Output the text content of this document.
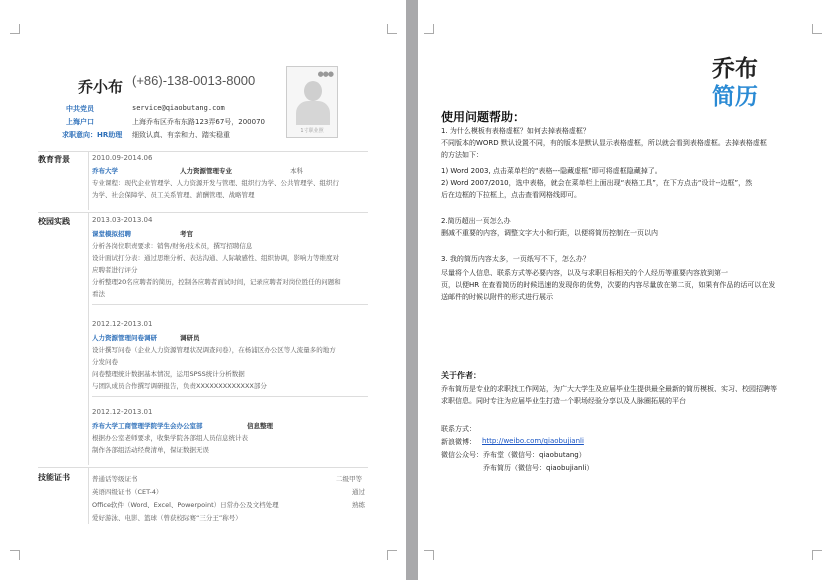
乔小布 (+86)-138-0013-8000
中共党员	service@qiaobutang.com
上海户口	上海乔布区乔布东路123弄67号，200070
求职意向：HR助理	细致认真、有亲和力、踏实稳重
●●●
1寸职业照
教育背景	2010.09-2014.06
乔布大学	人力资源管理专业	本科
专业课程：现代企业管理学、人力资源开发与管理、组织行为学、公共管理学、组织行
为学、社会保障学、员工关系管理、薪酬管理、战略管理
校园实践	2013.03-2013.04
课堂模拟招聘	考官
分析各岗位职责要求：销售/财务/技术员，撰写招聘信息
设计面试打分表：通过思维分析、表达沟通、人际敏感性、组织协调，影响力等维度对
应聘者进行评分
分析整理20名应聘者的简历，控制各应聘者面试时间，记录应聘者对岗位胜任的问题和
看法
2012.12-2013.01
人力资源管理问卷调研	调研员
设计撰写问卷（企业人力资源管理状况调查问卷），在杨浦区办公区等人流量多的地方
分发问卷
问卷整理统计数据基本情况，运用SPSS统计分析数据
与团队成员合作撰写调研报告，负责XXXXXXXXXXXXX部分
2012.12-2013.01
乔布大学工商管理学院学生会办公室部	信息整理
根据办公室老师要求，收集学院各部组人员信息统计表
制作各部组活动经费清单，保证数据无误
技能证书	普通话等级证书	二级甲等
英语四级证书（CET-4）	通过
Office软件（Word、Excel、Powerpoint）日常办公及文档处理	熟练
爱好游泳、电影、篮球（曾获校际赛“三分王”称号）
乔布
简历
使用问题帮助：
1. 为什么模板有表格虚框？如何去掉表格虚框？
不同版本的WORD 默认设置不同，有的版本是默认显示表格虚框，所以就会看到表格虚框。去掉表格虚框
的方法如下：
1) Word 2003, 点击菜单栏的“表格---隐藏虚框”即可将虚框隐藏掉了。
2) Word 2007/2010，选中表格，就会在菜单栏上面出现“表格工具”，在下方点击“设计--边框”，然
后在边框的下拉框上，点击查看网格线即可。
2.简历超出一页怎么办
删减不重要的内容，调整文字大小和行距，以便将简历控制在一页以内
3. 我的简历内容太多，一页纸写不下，怎么办？
尽量将个人信息、联系方式等必要内容，以及与求职目标相关的个人经历等重要内容放到第一
页，以便HR 在查看简历的时候迅速的发现你的优势，次要的内容尽量放在第二页，如果有作品的话可以在发
送邮件的时候以附件的形式进行展示
关于作者：
乔布简历是专业的求职找工作网站，为广大大学生及应届毕业生提供最全最新的简历模板、实习、校园招聘等
求职信息。同时专注为应届毕业生打造一个职场经验分享以及人脉圈拓展的平台
联系方式：
新浪微博： http://weibo.com/qiaobujianli
微信公众号：乔布堂（微信号：qiaobutang）
乔布简历（微信号：qiaobujianli）
